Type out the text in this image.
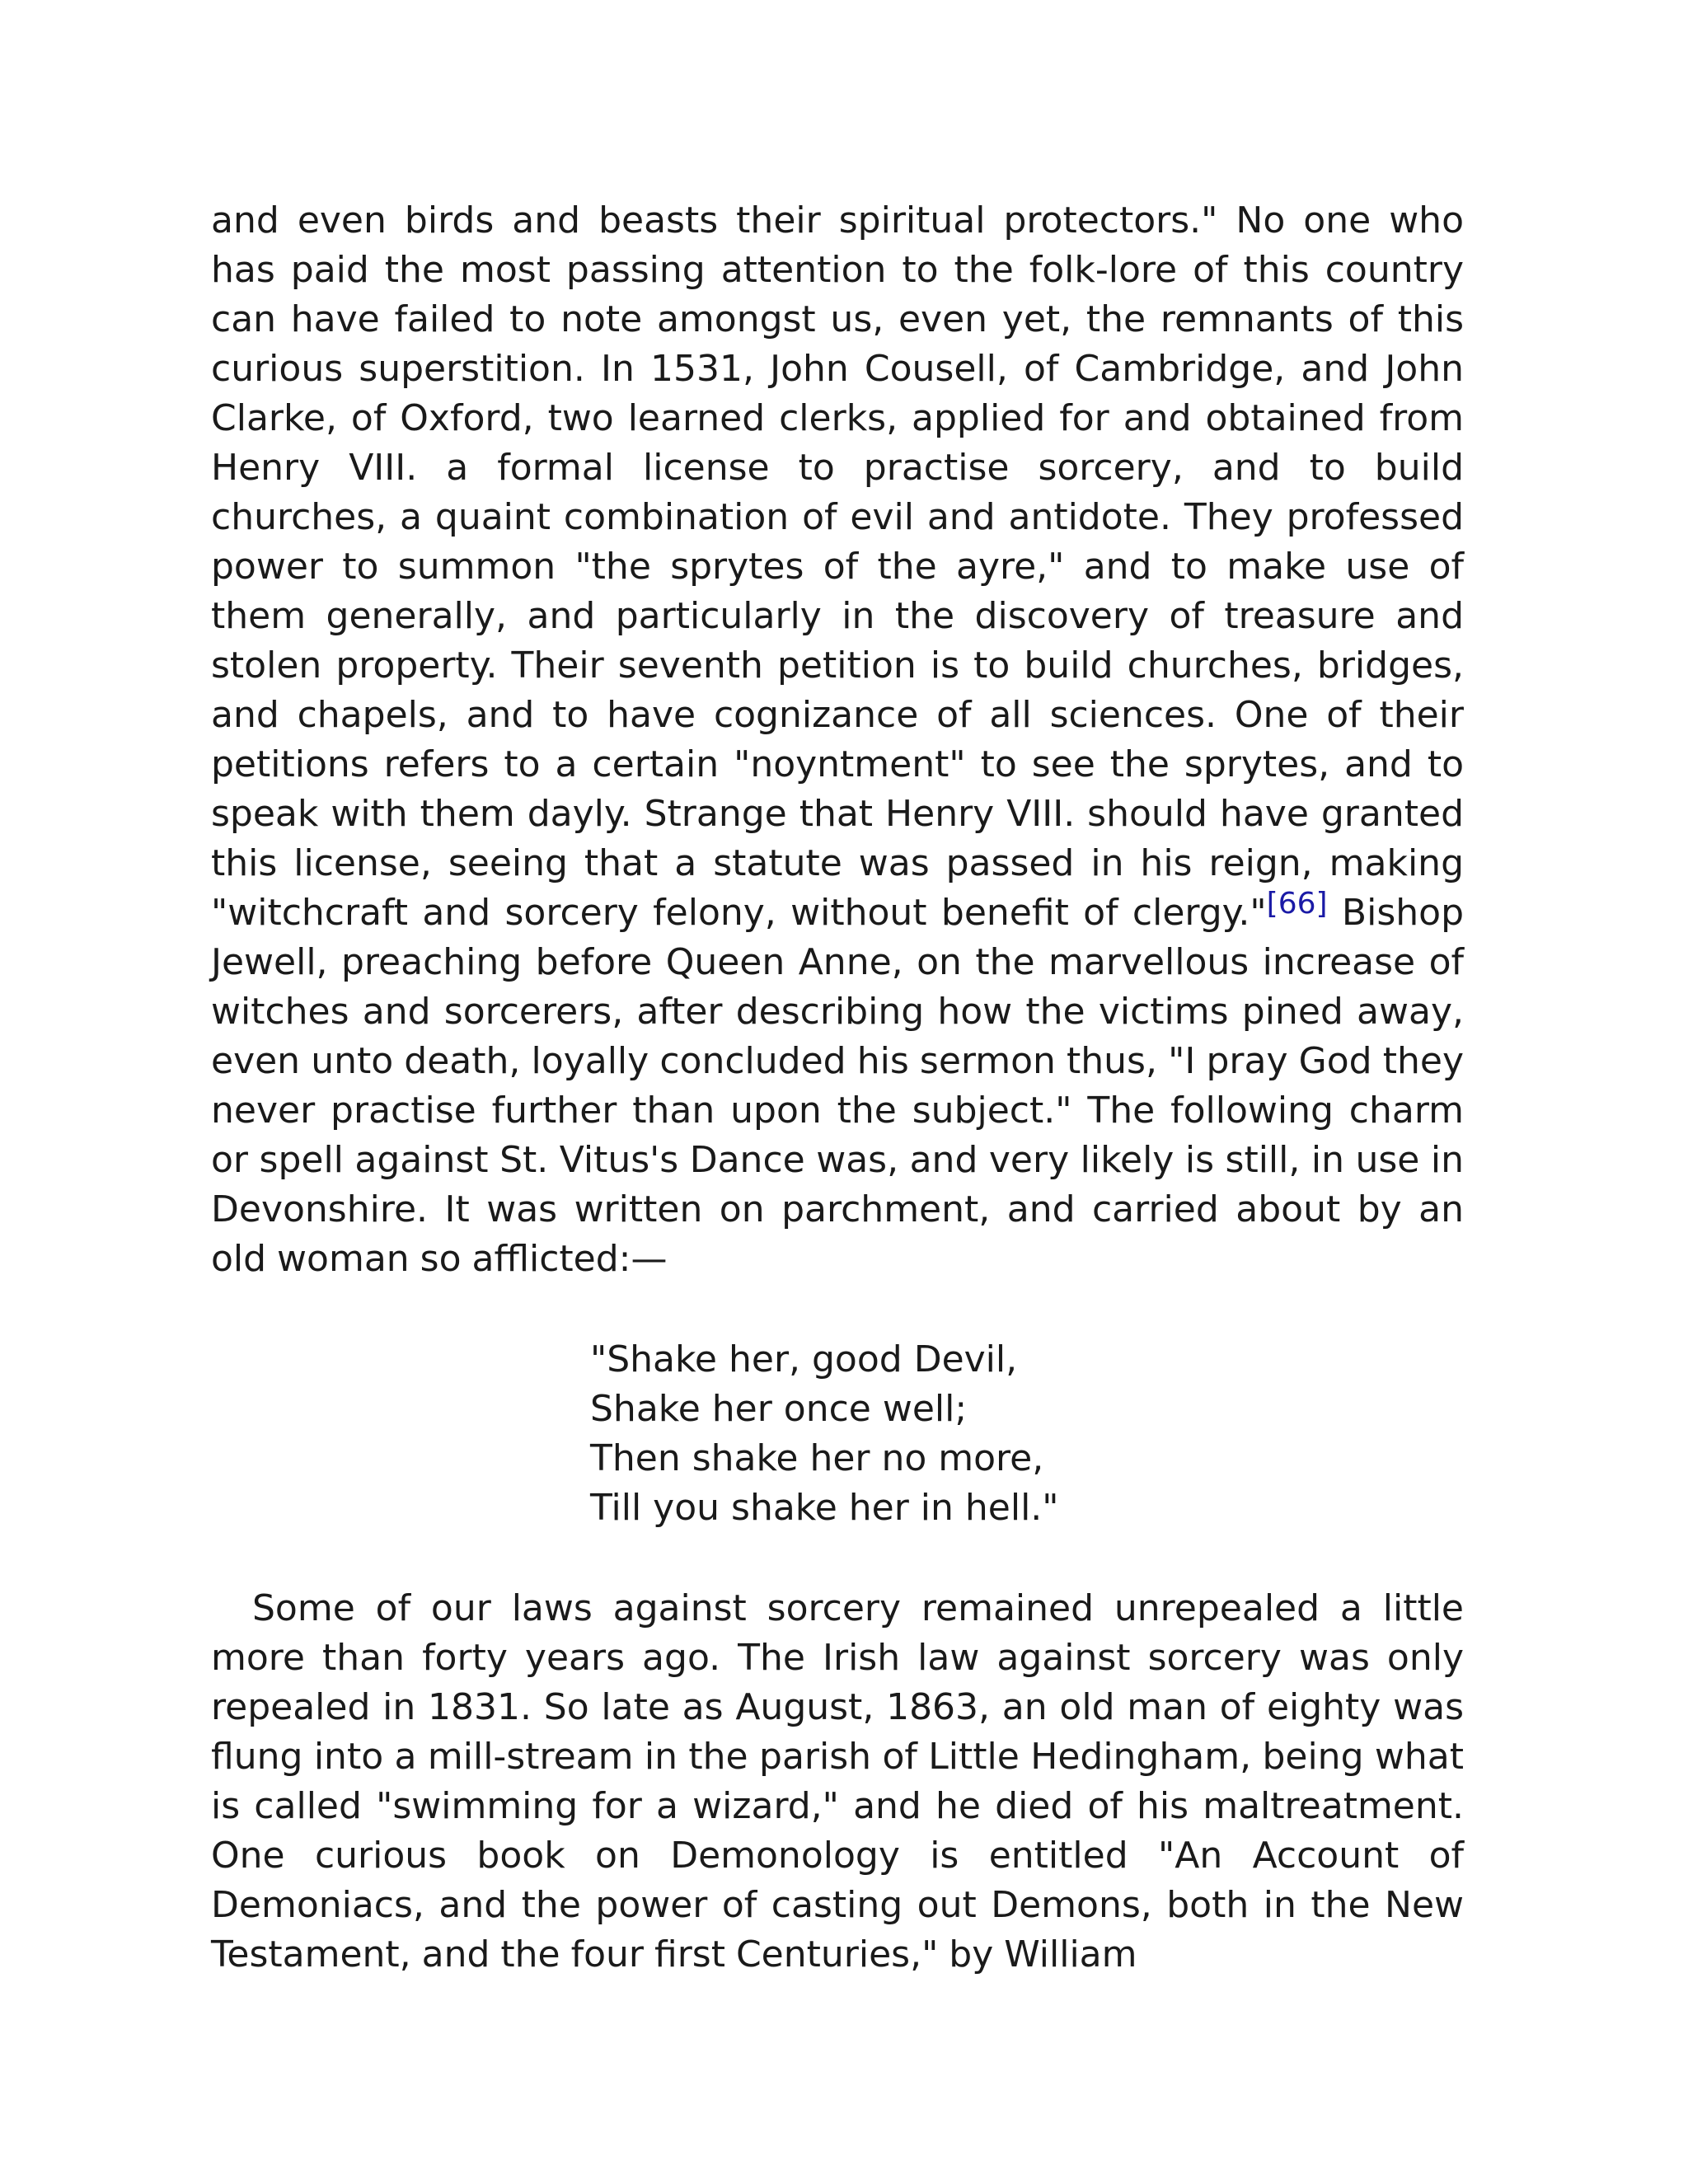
and even birds and beasts their spiritual protectors." No one who has paid the most passing attention to the folk-lore of this country can have failed to note amongst us, even yet, the remnants of this curious superstition. In 1531, John Cousell, of Cambridge, and John Clarke, of Oxford, two learned clerks, applied for and obtained from Henry VIII. a formal license to practise sorcery, and to build churches, a quaint combination of evil and antidote. They professed power to summon "the sprytes of the ayre," and to make use of them generally, and particularly in the discovery of treasure and stolen property. Their seventh petition is to build churches, bridges, and chapels, and to have cognizance of all sciences. One of their petitions refers to a certain "noyntment" to see the sprytes, and to speak with them dayly. Strange that Henry VIII. should have granted this license, seeing that a statute was passed in his reign, making "witchcraft and sorcery felony, without benefit of clergy."[66] Bishop Jewell, preaching before Queen Anne, on the marvellous increase of witches and sorcerers, after describing how the victims pined away, even unto death, loyally concluded his sermon thus, "I pray God they never practise further than upon the subject." The following charm or spell against St. Vitus's Dance was, and very likely is still, in use in Devonshire. It was written on parchment, and carried about by an old woman so afflicted:—

"Shake her, good Devil,
Shake her once well;
Then shake her no more,
Till you shake her in hell."

Some of our laws against sorcery remained unrepealed a little more than forty years ago. The Irish law against sorcery was only repealed in 1831. So late as August, 1863, an old man of eighty was flung into a mill-stream in the parish of Little Hedingham, being what is called "swimming for a wizard," and he died of his maltreatment. One curious book on Demonology is entitled "An Account of Demoniacs, and the power of casting out Demons, both in the New Testament, and the four first Centuries," by William
